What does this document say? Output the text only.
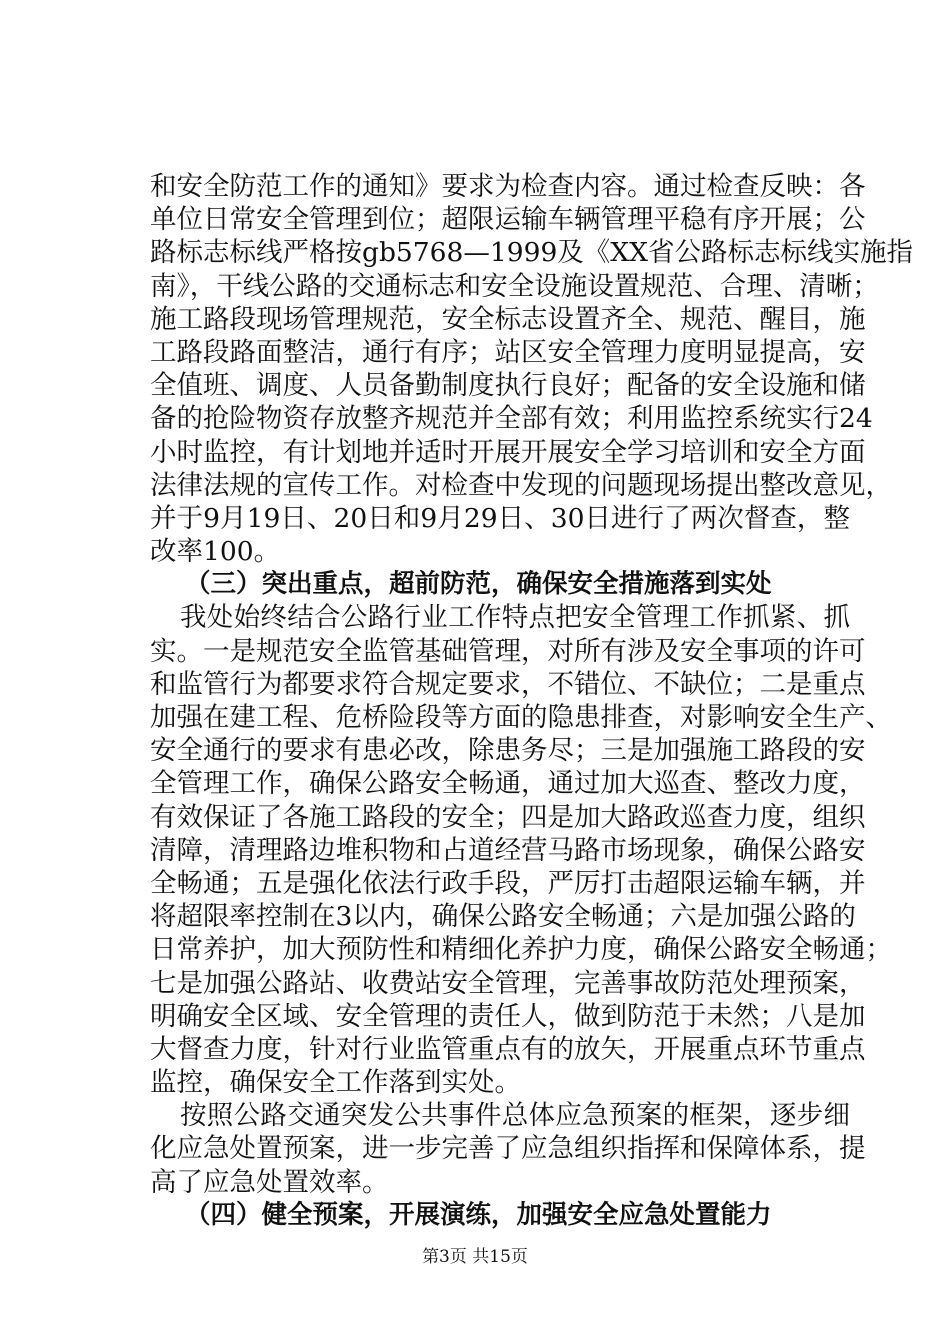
和安全防范工作的通知》要求为检查内容。通过检查反映：各
单位日常安全管理到位；超限运输车辆管理平稳有序开展；公
路标志标线严格按gb5768—1999及《XX省公路标志标线实施指
南》，干线公路的交通标志和安全设施设置规范、合理、清晰；
施工路段现场管理规范，安全标志设置齐全、规范、醒目，施
工路段路面整洁，通行有序；站区安全管理力度明显提高，安
全值班、调度、人员备勤制度执行良好；配备的安全设施和储
备的抢险物资存放整齐规范并全部有效；利用监控系统实行24
小时监控，有计划地并适时开展开展安全学习培训和安全方面
法律法规的宣传工作。对检查中发现的问题现场提出整改意见，
并于9月19日、20日和9月29日、30日进行了两次督查，整
改率100。
（三）突出重点，超前防范，确保安全措施落到实处
我处始终结合公路行业工作特点把安全管理工作抓紧、抓
实。一是规范安全监管基础管理，对所有涉及安全事项的许可
和监管行为都要求符合规定要求，不错位、不缺位；二是重点
加强在建工程、危桥险段等方面的隐患排查，对影响安全生产、
安全通行的要求有患必改，除患务尽；三是加强施工路段的安
全管理工作，确保公路安全畅通，通过加大巡查、整改力度，
有效保证了各施工路段的安全；四是加大路政巡查力度，组织
清障，清理路边堆积物和占道经营马路市场现象，确保公路安
全畅通；五是强化依法行政手段，严厉打击超限运输车辆，并
将超限率控制在3以内，确保公路安全畅通；六是加强公路的
日常养护，加大预防性和精细化养护力度，确保公路安全畅通；
七是加强公路站、收费站安全管理，完善事故防范处理预案，
明确安全区域、安全管理的责任人，做到防范于未然；八是加
大督查力度，针对行业监管重点有的放矢，开展重点环节重点
监控，确保安全工作落到实处。
按照公路交通突发公共事件总体应急预案的框架，逐步细
化应急处置预案，进一步完善了应急组织指挥和保障体系，提
高了应急处置效率。
（四）健全预案，开展演练，加强安全应急处置能力
第3页 共15页
